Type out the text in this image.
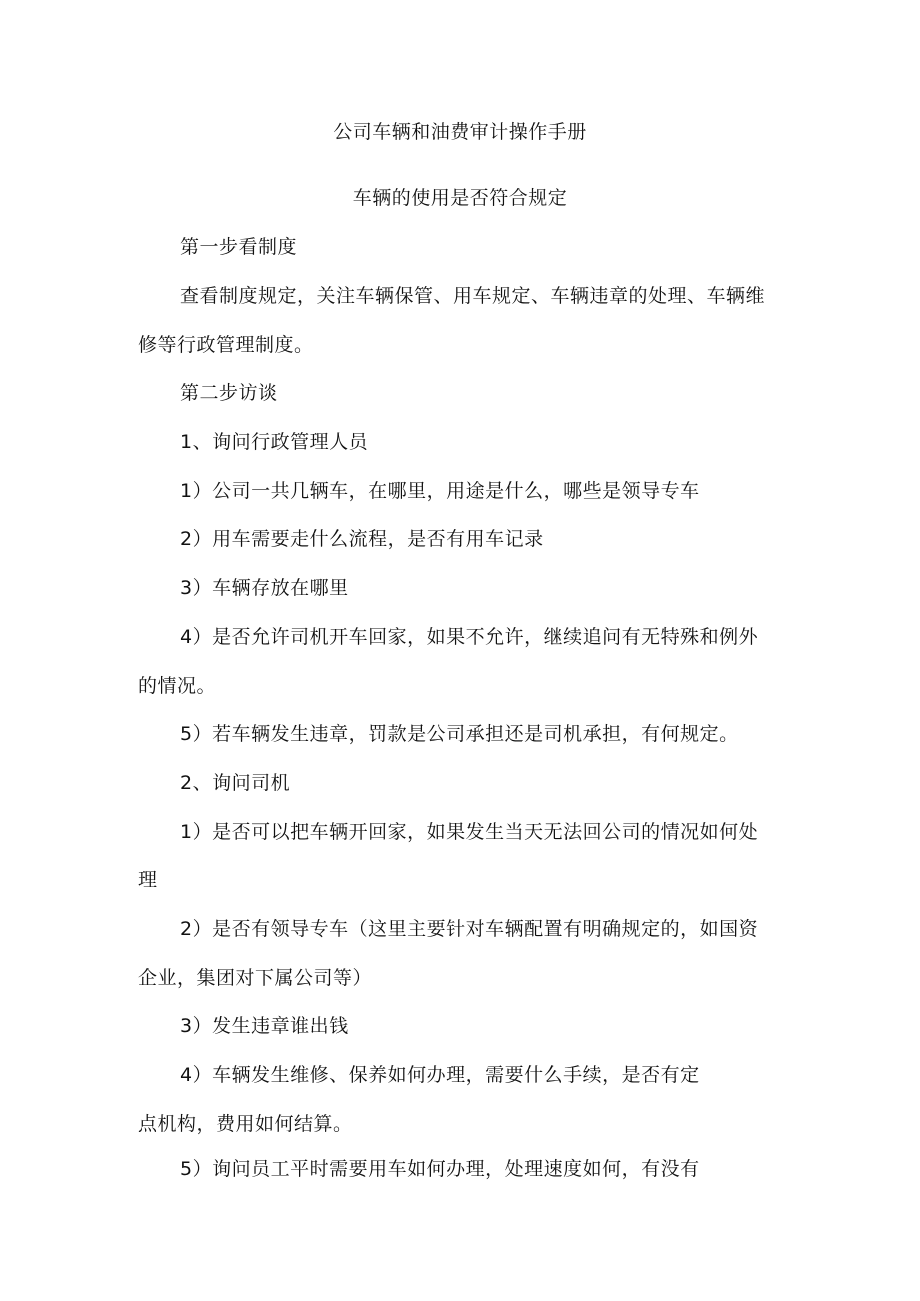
公司车辆和油费审计操作手册
车辆的使用是否符合规定
第一步看制度
查看制度规定，关注车辆保管、用车规定、车辆违章的处理、车辆维
修等行政管理制度。
第二步访谈
1、询问行政管理人员
1）公司一共几辆车，在哪里，用途是什么，哪些是领导专车
2）用车需要走什么流程，是否有用车记录
3）车辆存放在哪里
4）是否允许司机开车回家，如果不允许，继续追问有无特殊和例外
的情况。
5）若车辆发生违章，罚款是公司承担还是司机承担，有何规定。
2、询问司机
1）是否可以把车辆开回家，如果发生当天无法回公司的情况如何处
理
2）是否有领导专车（这里主要针对车辆配置有明确规定的，如国资
企业，集团对下属公司等）
3）发生违章谁出钱
4）车辆发生维修、保养如何办理，需要什么手续，是否有定
点机构，费用如何结算。
5）询问员工平时需要用车如何办理，处理速度如何，有没有
